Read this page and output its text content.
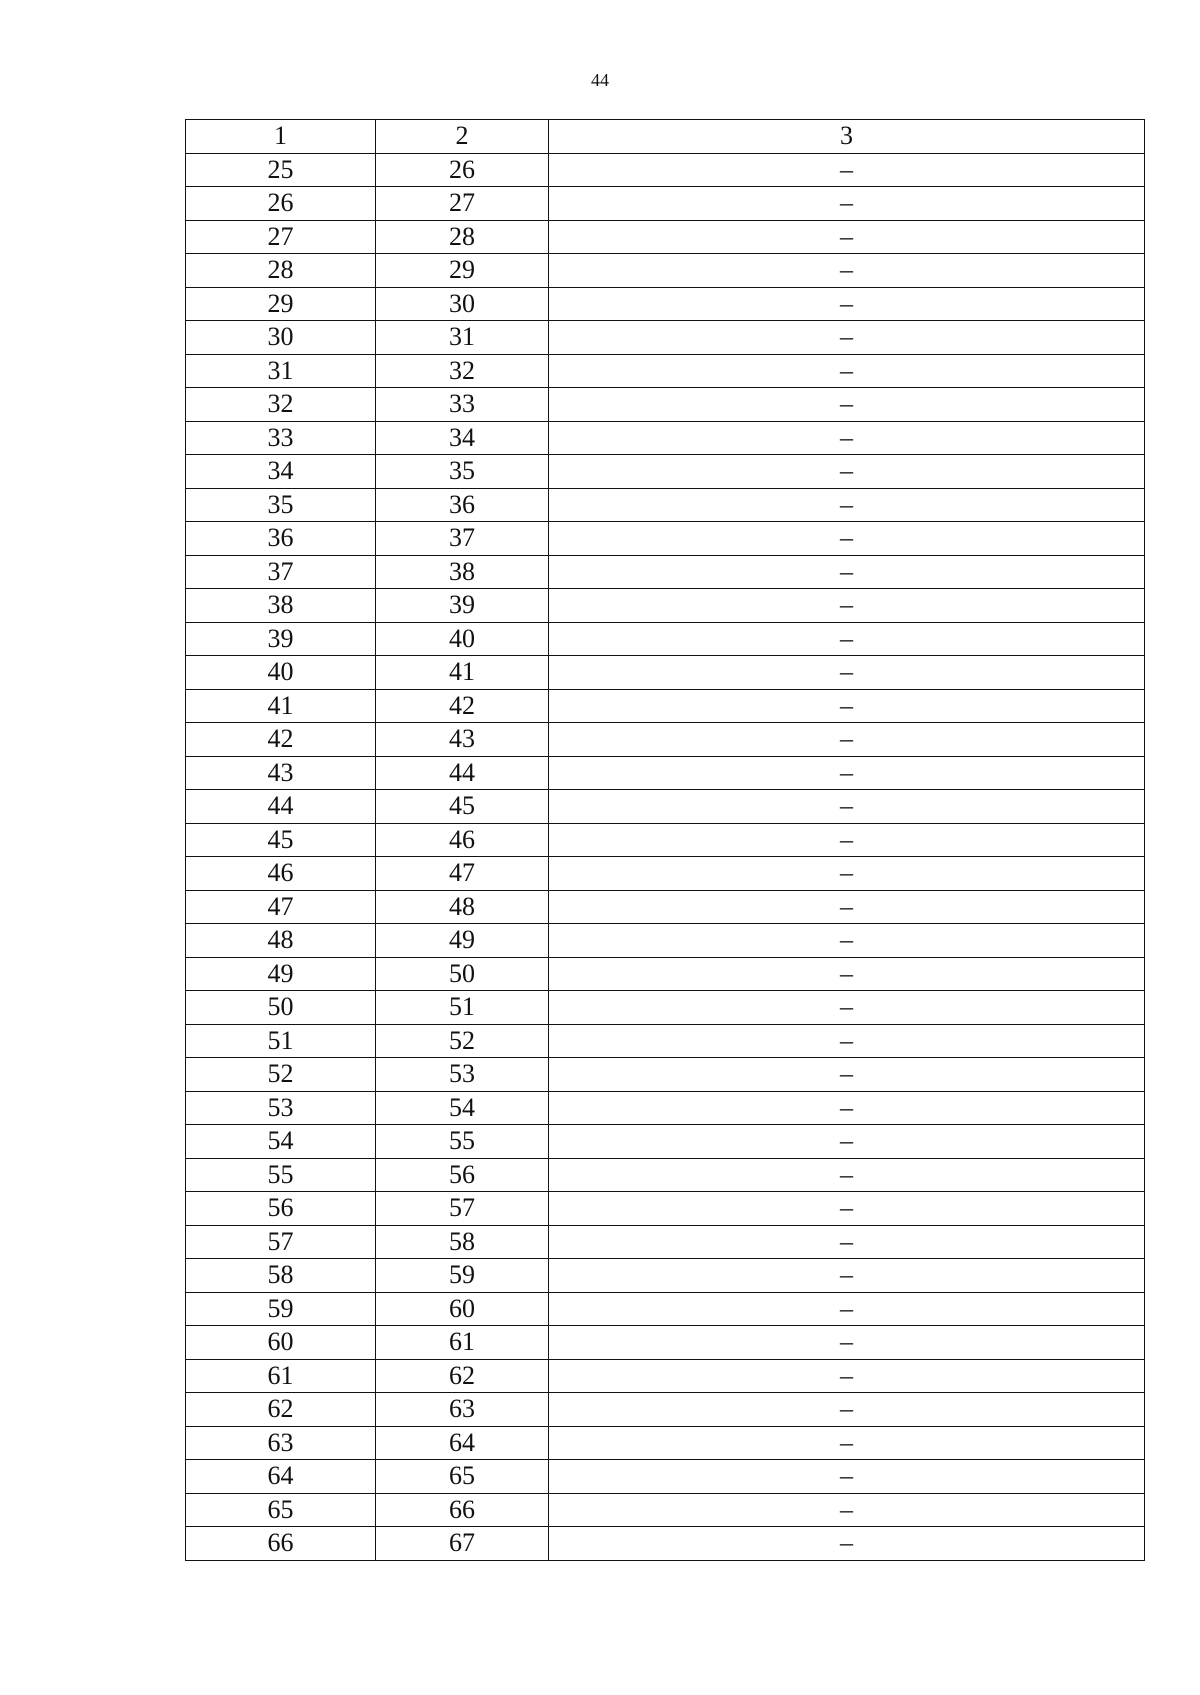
44
1	2	3
25	26	–
26	27	–
27	28	–
28	29	–
29	30	–
30	31	–
31	32	–
32	33	–
33	34	–
34	35	–
35	36	–
36	37	–
37	38	–
38	39	–
39	40	–
40	41	–
41	42	–
42	43	–
43	44	–
44	45	–
45	46	–
46	47	–
47	48	–
48	49	–
49	50	–
50	51	–
51	52	–
52	53	–
53	54	–
54	55	–
55	56	–
56	57	–
57	58	–
58	59	–
59	60	–
60	61	–
61	62	–
62	63	–
63	64	–
64	65	–
65	66	–
66	67	–
